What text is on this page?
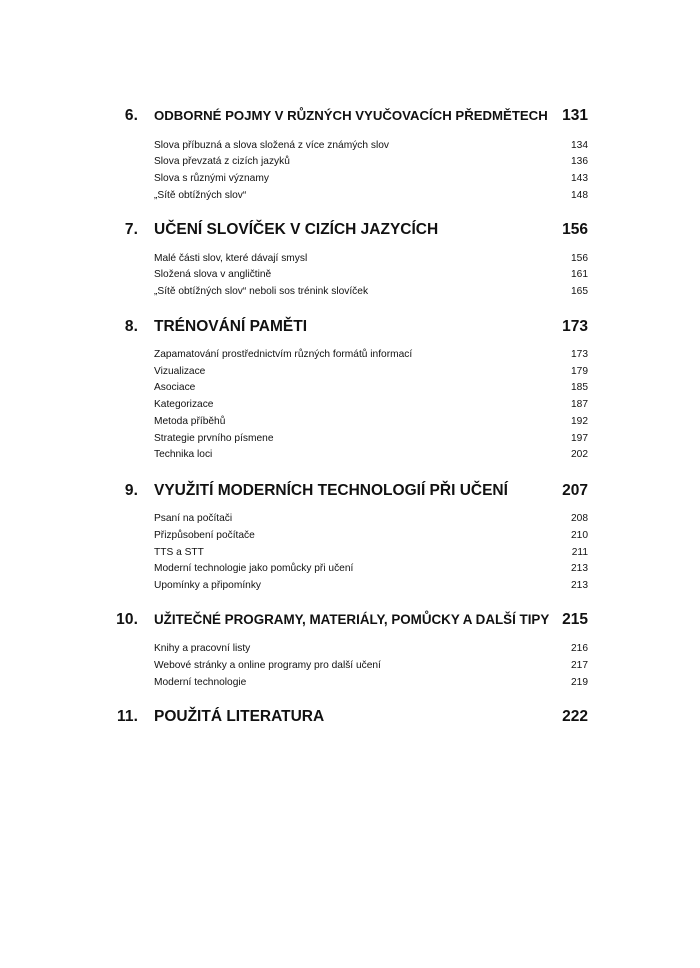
6. ODBORNÉ POJMY V RŮZNÝCH VYUČOVACÍCH PŘEDMĚTECH 131
Slova příbuzná a slova složená z více známých slov	134
Slova převzatá z cizích jazyků	136
Slova s různými významy	143
„Sítě obtížných slov“	148
7. UČENÍ SLOVÍČEK V CIZÍCH JAZYCÍCH	156
Malé části slov, které dávají smysl	156
Složená slova v angličtině	161
„Sítě obtížných slov“ neboli sos trénink slovíček	165
8. TRÉNOVÁNÍ PAMĚTI	173
Zapamatování prostřednictvím různých formátů informací	173
Vizualizace	179
Asociace	185
Kategorizace	187
Metoda příběhů	192
Strategie prvního písmene	197
Technika loci	202
9. VYUŽITÍ MODERNÍCH TECHNOLOGIÍ PŘI UČENÍ	207
Psaní na počítači	208
Přizpůsobení počítače	210
TTS a STT	211
Moderní technologie jako pomůcky při učení	213
Upomínky a připomínky	213
10. UŽITEČNÉ PROGRAMY, MATERIÁLY, POMŮCKY A DALŠÍ TIPY 215
Knihy a pracovní listy	216
Webové stránky a online programy pro další učení	217
Moderní technologie	219
11. POUŽITÁ LITERATURA	222
